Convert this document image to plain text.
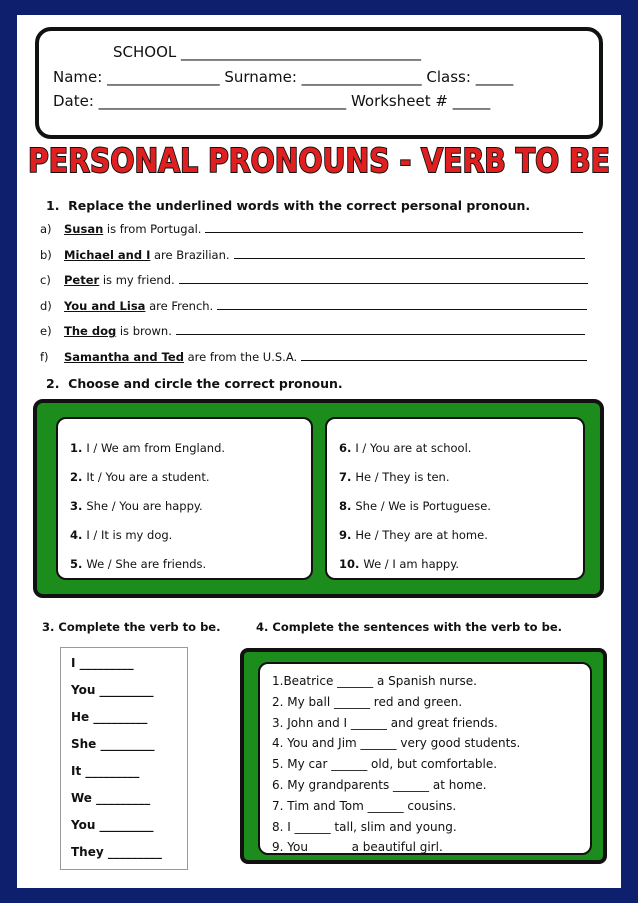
SCHOOL ________________________________
Name: _______________ Surname: ________________ Class: _____
Date: _________________________________ Worksheet # _____
PERSONAL PRONOUNS - VERB TO BE
1.  Replace the underlined words with the correct personal pronoun.
a) Susan is from Portugal.
b) Michael and I are Brazilian.
c) Peter is my friend.
d) You and Lisa are French.
e) The dog is brown.
f) Samantha and Ted are from the U.S.A.
2.  Choose and circle the correct pronoun.
1. I / We am from England.
2. It / You are a student.
3. She / You are happy.
4. I / It is my dog.
5. We / She are friends.
6. I / You are at school.
7. He / They is ten.
8. She / We is Portuguese.
9. He / They are at home.
10. We / I am happy.
3. Complete the verb to be.	4. Complete the sentences with the verb to be.
I _________
You _________
He _________
She _________
It _________
We _________
You _________
They _________
1.Beatrice ______ a Spanish nurse.
2. My ball ______ red and green.
3. John and I ______ and great friends.
4. You and Jim ______ very good students.
5. My car ______ old, but comfortable.
6. My grandparents ______ at home.
7. Tim and Tom ______ cousins.
8. I ______ tall, slim and young.
9. You ______ a beautiful girl.
